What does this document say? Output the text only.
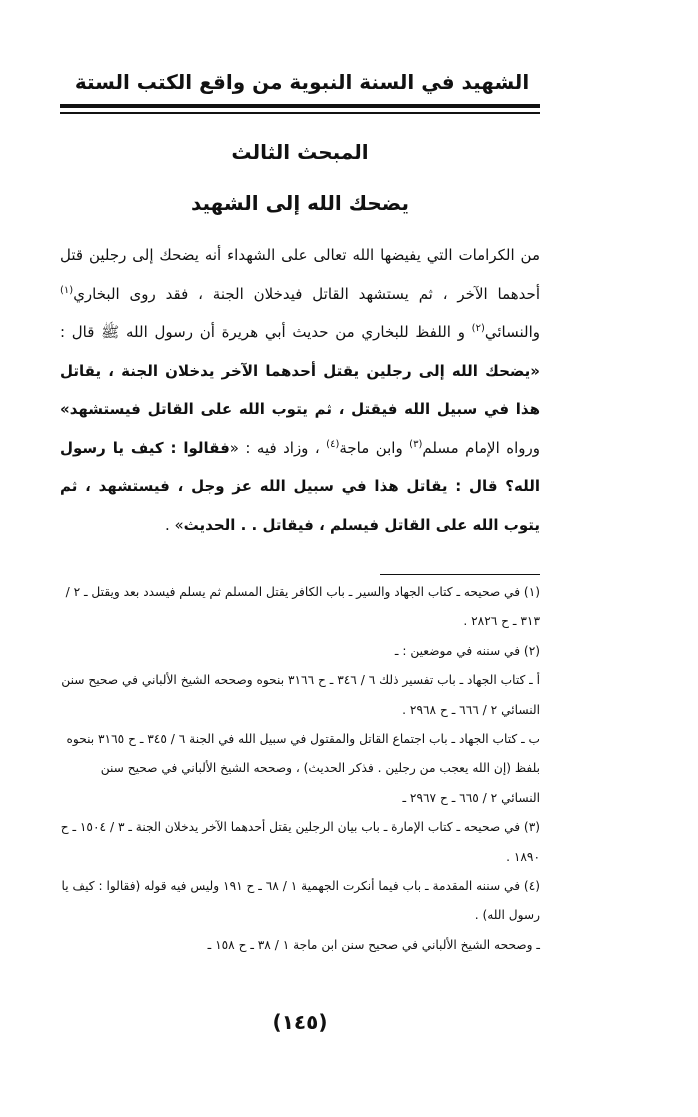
الشهيد في السنة النبوية من واقع الكتب الستة
المبحث الثالث
يضحك الله إلى الشهيد
من الكرامات التي يفيضها الله تعالى على الشهداء أنه يضحك إلى رجلين قتل أحدهما الآخر ، ثم يستشهد القاتل فيدخلان الجنة ، فقد روى البخاري$^{(١)}$ والنسائي$^{(٢)}$ و اللفظ للبخاري من حديث أبي هريرة أن رسول الله ﷺ قال : «يضحك الله إلى رجلين يقتل أحدهما الآخر يدخلان الجنة ، يقاتل هذا في سبيل الله فيقتل ، ثم يتوب الله على القاتل فيستشهد» ورواه الإمام مسلم$^{(٣)}$ وابن ماجة$^{(٤)}$ ، وزاد فيه : «فقالوا : كيف يا رسول الله؟ قال : يقاتل هذا في سبيل الله عز وجل ، فيستشهد ، ثم يتوب الله على القاتل فيسلم ، فيقاتل . . الحديث» .

(١) في صحيحه ـ كتاب الجهاد والسير ـ باب الكافر يقتل المسلم ثم يسلم فيسدد بعد ويقتل ـ ٢ / ٣١٣ ـ ح ٢٨٢٦ .

(٢) في سننه في موضعين : ـ

أ ـ كتاب الجهاد ـ باب تفسير ذلك ٦ / ٣٤٦ ـ ح ٣١٦٦ بنحوه وصححه الشيخ الألباني في صحيح سنن النسائي ٢ / ٦٦٦ ـ ح ٢٩٦٨ .

ب ـ كتاب الجهاد ـ باب اجتماع القاتل والمقتول في سبيل الله في الجنة ٦ / ٣٤٥ ـ ح ٣١٦٥ بنحوه بلفظ (إن الله يعجب من رجلين . فذكر الحديث) ، وصححه الشيخ الألباني في صحيح سنن النسائي ٢ / ٦٦٥ ـ ح ٢٩٦٧ ـ

(٣) في صحيحه ـ كتاب الإمارة ـ باب بيان الرجلين يقتل أحدهما الآخر يدخلان الجنة ـ ٣ / ١٥٠٤ ـ ح ١٨٩٠ .

(٤) في سننه المقدمة ـ باب فيما أنكرت الجهمية ١ / ٦٨ ـ ح ١٩١ وليس فيه قوله (فقالوا : كيف يا رسول الله) .

ـ وصححه الشيخ الألباني في صحيح سنن ابن ماجة ١ / ٣٨ ـ ح ١٥٨ ـ

(١٤٥)
